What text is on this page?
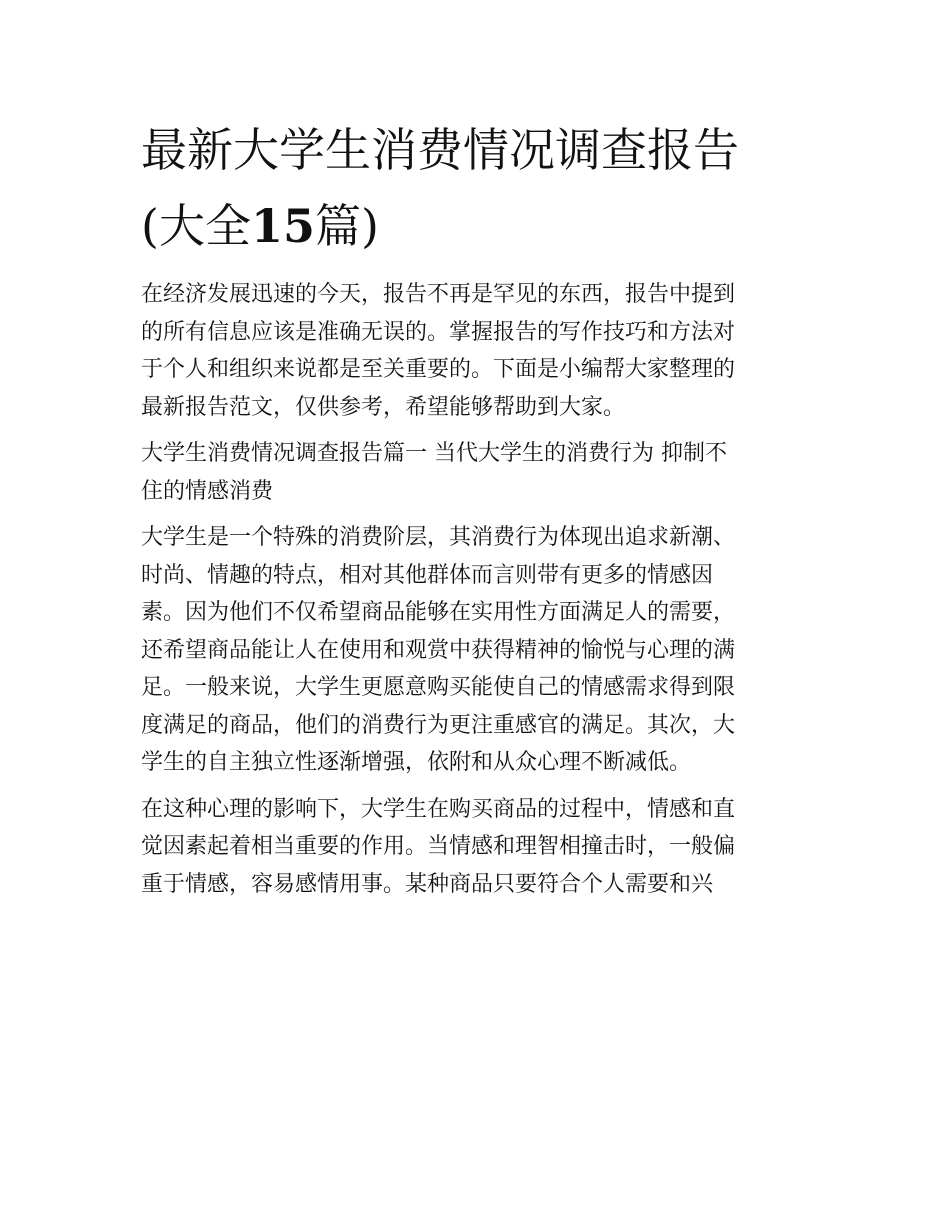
最新大学生消费情况调查报告
(大全15篇)
在经济发展迅速的今天，报告不再是罕见的东西，报告中提到
的所有信息应该是准确无误的。掌握报告的写作技巧和方法对
于个人和组织来说都是至关重要的。下面是小编帮大家整理的
最新报告范文，仅供参考，希望能够帮助到大家。
大学生消费情况调查报告篇一 当代大学生的消费行为 抑制不
住的情感消费
大学生是一个特殊的消费阶层，其消费行为体现出追求新潮、
时尚、情趣的特点，相对其他群体而言则带有更多的情感因
素。因为他们不仅希望商品能够在实用性方面满足人的需要，
还希望商品能让人在使用和观赏中获得精神的愉悦与心理的满
足。一般来说，大学生更愿意购买能使自己的情感需求得到限
度满足的商品，他们的消费行为更注重感官的满足。其次，大
学生的自主独立性逐渐增强，依附和从众心理不断减低。
在这种心理的影响下，大学生在购买商品的过程中，情感和直
觉因素起着相当重要的作用。当情感和理智相撞击时，一般偏
重于情感，容易感情用事。某种商品只要符合个人需要和兴
